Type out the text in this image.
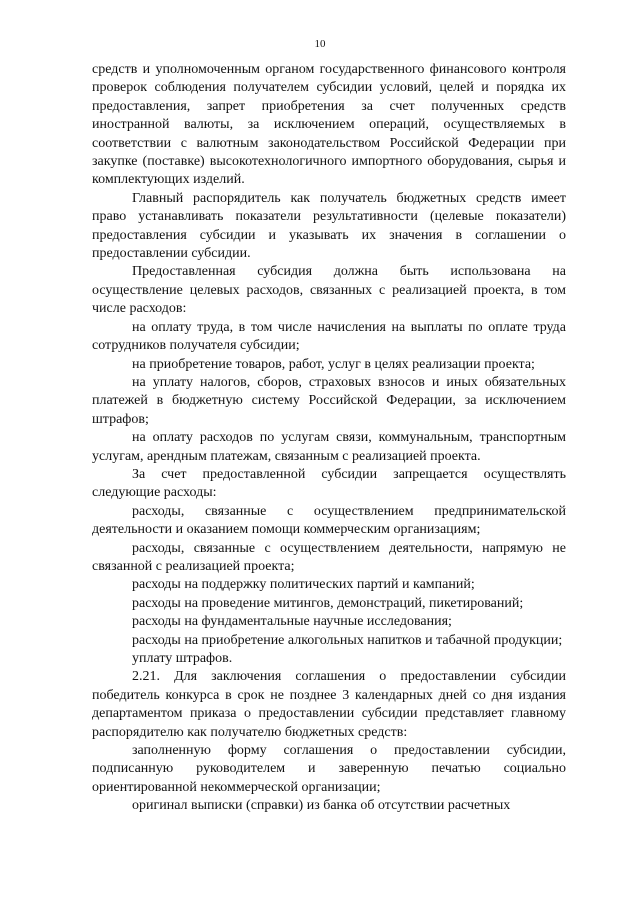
10

средств и уполномоченным органом государственного финансового контроля проверок соблюдения получателем субсидии условий, целей и порядка их предоставления, запрет приобретения за счет полученных средств иностранной валюты, за исключением операций, осуществляемых в соответствии с валютным законодательством Российской Федерации при закупке (поставке) высокотехнологичного импортного оборудования, сырья и комплектующих изделий.

Главный распорядитель как получатель бюджетных средств имеет право устанавливать показатели результативности (целевые показатели) предоставления субсидии и указывать их значения в соглашении о предоставлении субсидии.

Предоставленная субсидия должна быть использована на осуществление целевых расходов, связанных с реализацией проекта, в том числе расходов:

на оплату труда, в том числе начисления на выплаты по оплате труда сотрудников получателя субсидии;

на приобретение товаров, работ, услуг в целях реализации проекта;

на уплату налогов, сборов, страховых взносов и иных обязательных платежей в бюджетную систему Российской Федерации, за исключением штрафов;

на оплату расходов по услугам связи, коммунальным, транспортным услугам, арендным платежам, связанным с реализацией проекта.

За счет предоставленной субсидии запрещается осуществлять следующие расходы:

расходы, связанные с осуществлением предпринимательской деятельности и оказанием помощи коммерческим организациям;

расходы, связанные с осуществлением деятельности, напрямую не связанной с реализацией проекта;

расходы на поддержку политических партий и кампаний;

расходы на проведение митингов, демонстраций, пикетирований;

расходы на фундаментальные научные исследования;

расходы на приобретение алкогольных напитков и табачной продукции;

уплату штрафов.

2.21. Для заключения соглашения о предоставлении субсидии победитель конкурса в срок не позднее 3 календарных дней со дня издания департаментом приказа о предоставлении субсидии представляет главному распорядителю как получателю бюджетных средств:

заполненную форму соглашения о предоставлении субсидии, подписанную руководителем и заверенную печатью социально ориентированной некоммерческой организации;

оригинал выписки (справки) из банка об отсутствии расчетных
